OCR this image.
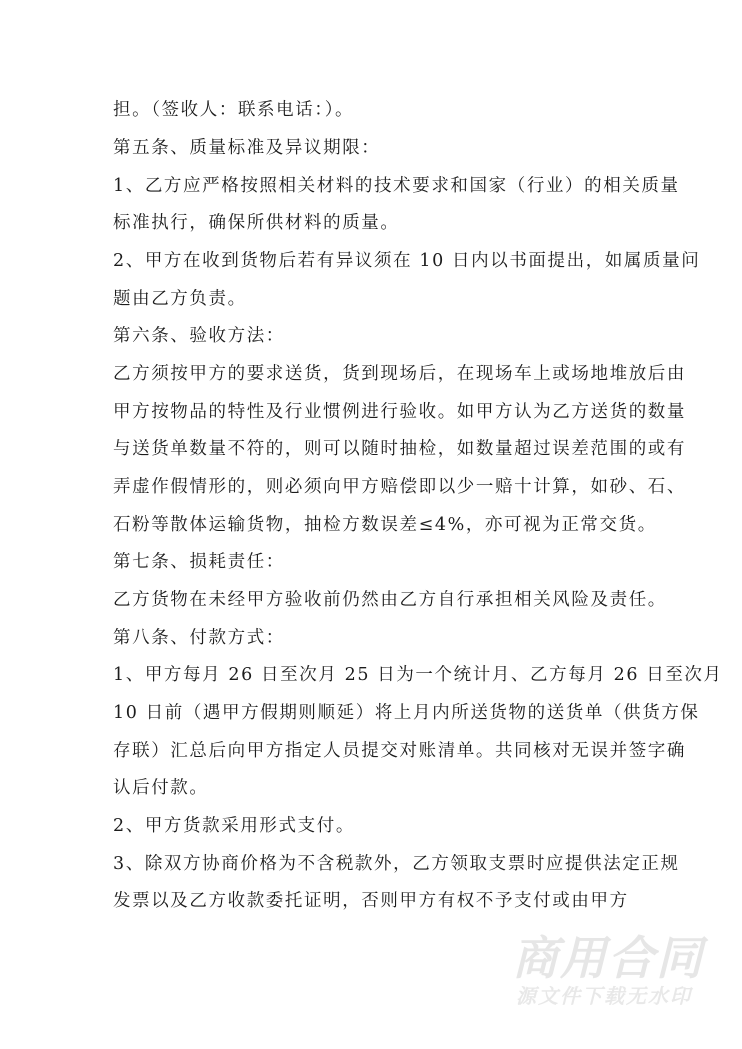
担。（签收人：联系电话：）。
第五条、质量标准及异议期限：
1、乙方应严格按照相关材料的技术要求和国家（行业）的相关质量
标准执行，确保所供材料的质量。
2、甲方在收到货物后若有异议须在 10 日内以书面提出，如属质量问
题由乙方负责。
第六条、验收方法：
乙方须按甲方的要求送货，货到现场后，在现场车上或场地堆放后由
甲方按物品的特性及行业惯例进行验收。如甲方认为乙方送货的数量
与送货单数量不符的，则可以随时抽检，如数量超过误差范围的或有
弄虚作假情形的，则必须向甲方赔偿即以少一赔十计算，如砂、石、
石粉等散体运输货物，抽检方数误差≤4%，亦可视为正常交货。
第七条、损耗责任：
乙方货物在未经甲方验收前仍然由乙方自行承担相关风险及责任。
第八条、付款方式：
1、甲方每月 26 日至次月 25 日为一个统计月、乙方每月 26 日至次月
10 日前（遇甲方假期则顺延）将上月内所送货物的送货单（供货方保
存联）汇总后向甲方指定人员提交对账清单。共同核对无误并签字确
认后付款。
2、甲方货款采用形式支付。
3、除双方协商价格为不含税款外，乙方领取支票时应提供法定正规
发票以及乙方收款委托证明，否则甲方有权不予支付或由甲方
商用合同
源文件下载无水印
